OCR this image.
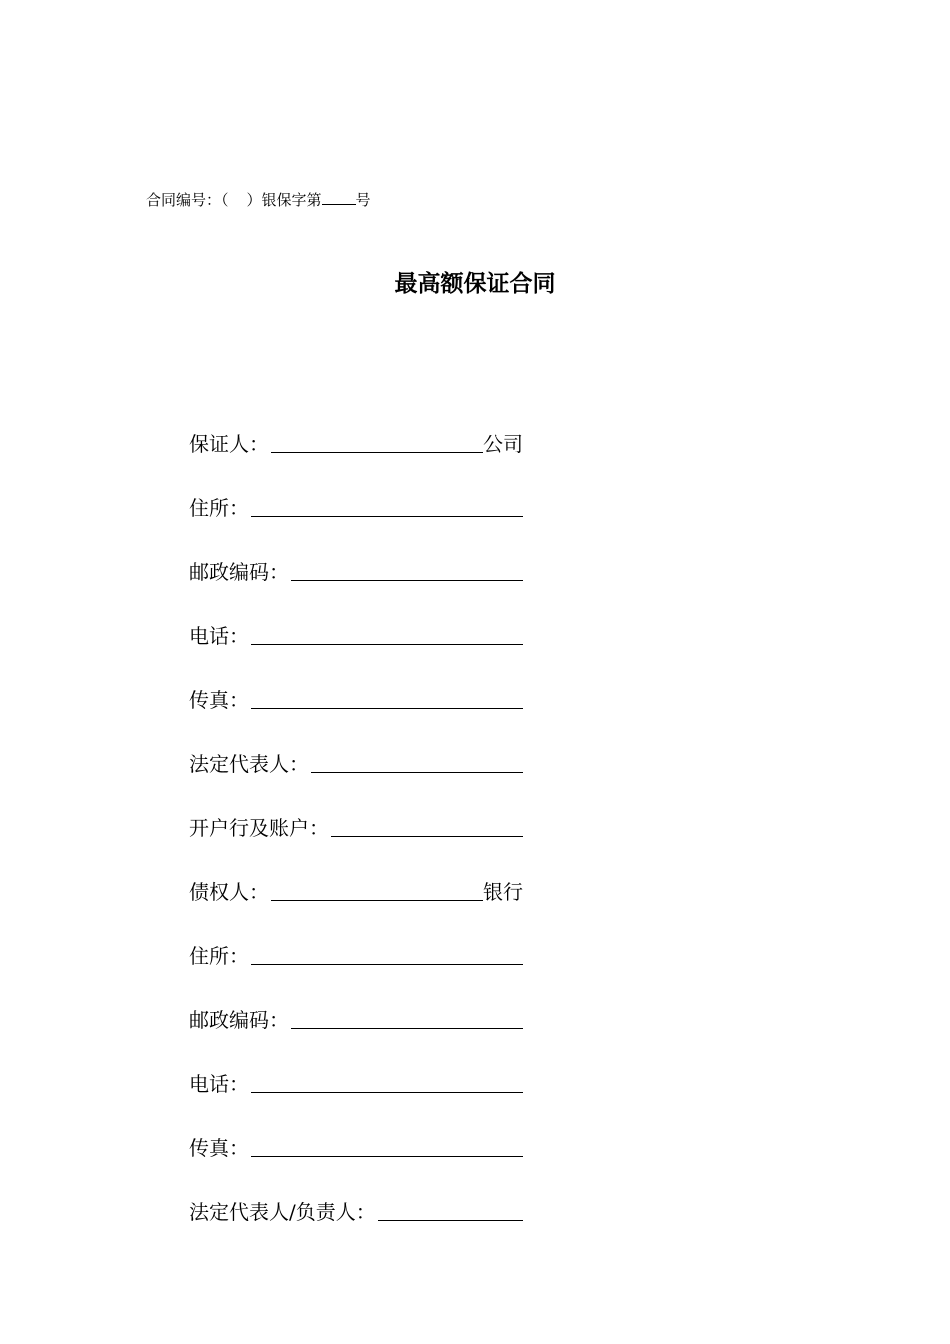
合同编号：（ ）银保字第 号
最高额保证合同
保证人：	公司
住所：
邮政编码：
电话：
传真：
法定代表人：
开户行及账户：
债权人：	银行
住所：
邮政编码：
电话：
传真：
法定代表人/负责人：
